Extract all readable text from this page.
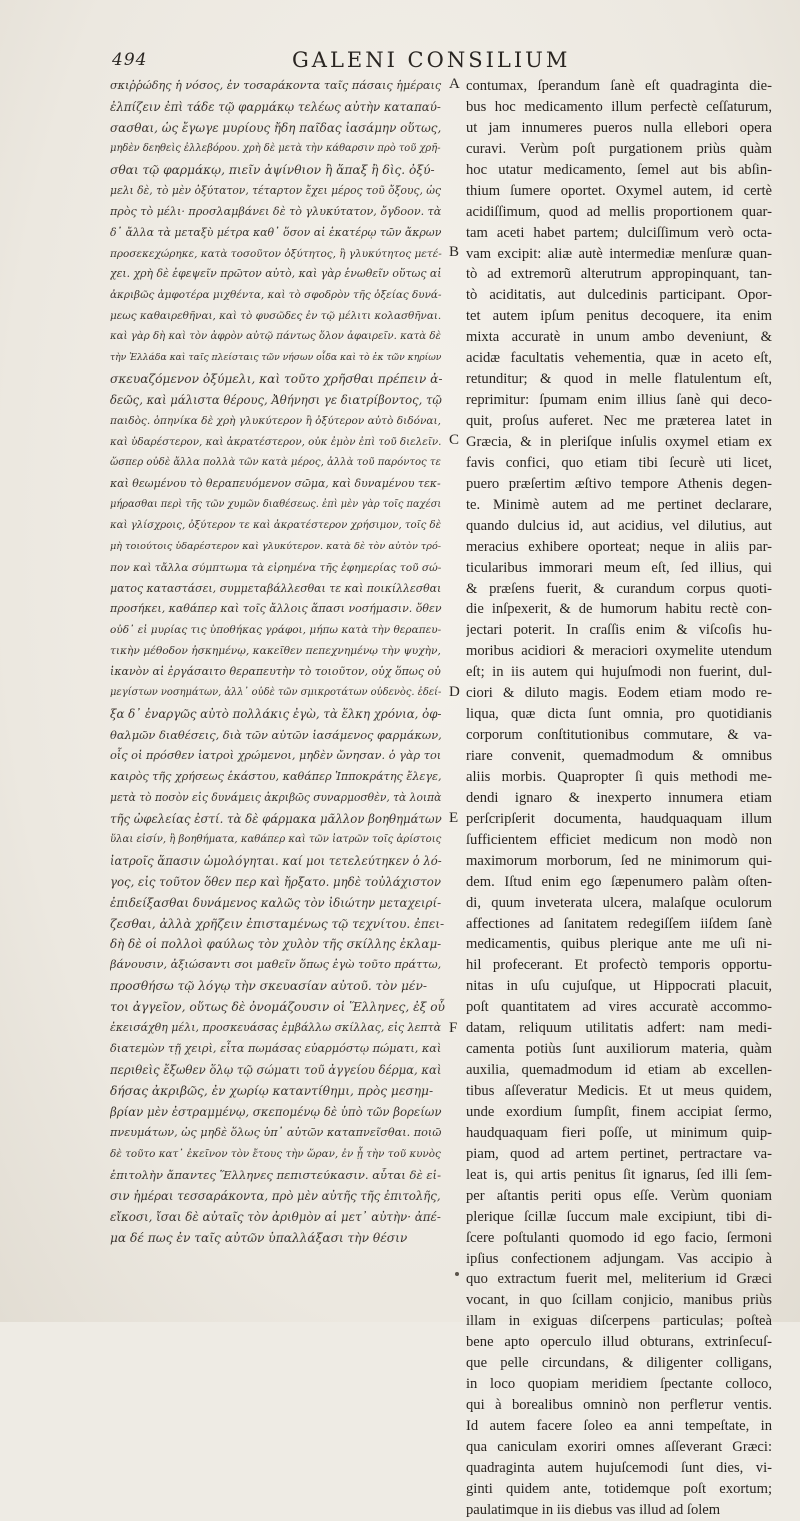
494	GALENI CONSILIUM
σκιῤῥώδης ἡ νόσος, ἐν τοσαράκοντα ταῖς πάσαις ἡμέραις
ἐλπίζειν ἐπὶ τάδε τῷ φαρμάκῳ τελέως αὐτὴν καταπαύ-
σασθαι, ὡς ἔγωγε μυρίους ἤδη παῖδας ἰασάμην οὕτως,
μηδὲν δεηθεὶς ἐλλεβόρου. χρὴ δὲ μετὰ τὴν κάθαρσιν πρὸ τοῦ χρῆ-
σθαι τῷ φαρμάκῳ, πιεῖν ἀψίνθιον ἢ ἅπαξ ἢ δὶς. ὀξύ-
μελι δὲ, τὸ μὲν ὀξύτατον, τέταρτον ἔχει μέρος τοῦ ὄξους, ὡς
πρὸς τὸ μέλι· προσλαμβάνει δὲ τὸ γλυκύτατον, ὄγδοον. τὰ
δ᾽ ἄλλα τὰ μεταξὺ μέτρα καθ᾽ ὅσον αἰ ἑκατέρῳ τῶν ἄκρων
προσεκεχώρηκε, κατὰ τοσοῦτον ὀξύτητος, ἢ γλυκύτητος μετέ-
χει. χρὴ δὲ ἐφεψεῖν πρῶτον αὐτὸ, καὶ γὰρ ἑνωθεῖν οὕτως αἰ
ἀκριβῶς ἀμφοτέρα μιχθέντα, καὶ τὸ σφοδρὸν τῆς ὀξείας δυνά-
μεως καθαιρεθῆναι, καὶ τὸ φυσῶδες ἐν τῷ μέλιτι κολασθῆναι.
καὶ γὰρ δὴ καὶ τὸν ἀφρὸν αὐτῷ πάντως ὅλον ἀφαιρεῖν. κατὰ δὲ
τὴν Ἑλλάδα καὶ ταῖς πλείσταις τῶν νήσων οἶδα καὶ τὸ ἐκ τῶν κηρίων
σκευαζόμενον ὀξύμελι, καὶ τοῦτο χρῆσθαι πρέπειν ἀ-
δεῶς, καὶ μάλιστα θέρους, Ἀθήνησι γε διατρίβοντος, τῷ
παιδὸς. ὁπηνίκα δὲ χρὴ γλυκύτερον ἢ ὀξύτερον αὐτὸ διδόναι,
καὶ ὑδαρέστερον, καὶ ἀκρατέστερον, οὐκ ἐμὸν ἐπὶ τοῦ διελεῖν.
ὥσπερ οὐδὲ ἄλλα πολλὰ τῶν κατὰ μέρος, ἀλλὰ τοῦ παρόντος τε
καὶ θεωμένου τὸ θεραπευόμενον σῶμα, καὶ δυναμένου τεκ-
μήρασθαι περὶ τῆς τῶν χυμῶν διαθέσεως. ἐπὶ μὲν γὰρ τοῖς παχέσι
καὶ γλίσχροις, ὀξύτερον τε καὶ ἀκρατέστερον χρήσιμον, τοῖς δὲ
μὴ τοιούτοις ὑδαρέστερον καὶ γλυκύτερον. κατὰ δὲ τὸν αὐτὸν τρό-
πον καὶ τἄλλα σύμπτωμα τὰ εἰρημένα τῆς ἐφημερίας τοῦ σώ-
ματος καταστάσει, συμμεταβάλλεσθαι τε καὶ ποικίλλεσθαι
προσήκει, καθάπερ καὶ τοῖς ἄλλοις ἅπασι νοσήμασιν. ὅθεν
οὐδ᾽ εἰ μυρίας τις ὑποθήκας γράφοι, μήπω κατὰ τὴν θεραπευ-
τικὴν μέθοδον ἠσκημένῳ, κακεῖθεν πεπεχνημένῳ τὴν ψυχὴν,
ἱκανὸν αἰ ἐργάσαιτο θεραπευτὴν τὸ τοιοῦτον, οὐχ ὅπως οὐ
μεγίστων νοσημάτων, ἀλλ᾽ οὐδὲ τῶν σμικροτάτων οὐδενὸς. ἐδεί-
ξα δ᾽ ἐναργῶς αὐτὸ πολλάκις ἐγὼ, τὰ ἕλκη χρόνια, ὀφ-
θαλμῶν διαθέσεις, διὰ τῶν αὐτῶν ἰασάμενος φαρμάκων,
οἷς οἱ πρόσθεν ἰατροὶ χρώμενοι, μηδὲν ὤνησαν. ὁ γὰρ τοι
καιρὸς τῆς χρήσεως ἑκάστου, καθάπερ Ἱπποκράτης ἔλεγε,
μετὰ τὸ ποσὸν εἰς δυνάμεις ἀκριβῶς συναρμοσθὲν, τὰ λοιπὰ
τῆς ὠφελείας ἐστί. τὰ δὲ φάρμακα μᾶλλον βοηθημάτων
ὕλαι εἰσίν, ἢ βοηθήματα, καθάπερ καὶ τῶν ἰατρῶν τοῖς ἀρίστοις
ἰατροῖς ἅπασιν ὡμολόγηται. καί μοι τετελεύτηκεν ὁ λό-
γος, εἰς τοῦτον ὅθεν περ καὶ ἤρξατο. μηδὲ τοὐλάχιστον
ἐπιδείξασθαι δυνάμενος καλῶς τὸν ἰδιώτην μεταχειρί-
ζεσθαι, ἀλλὰ χρῆζειν ἐπισταμένως τῷ τεχνίτου. ἐπει-
δὴ δὲ οἱ πολλοὶ φαύλως τὸν χυλὸν τῆς σκίλλης ἐκλαμ-
βάνουσιν, ἀξιώσαντι σοι μαθεῖν ὅπως ἐγὼ τοῦτο πράττω,
προσθήσω τῷ λόγῳ τὴν σκευασίαν αὐτοῦ. τὸν μέν-
τοι ἀγγεῖον, οὕτως δὲ ὀνομάζουσιν οἱ Ἕλληνες, ἐξ οὗ
ἐκεισάχθη μέλι, προσκευάσας ἐμβάλλω σκίλλας, εἰς λεπτὰ
διατεμὼν τῇ χειρὶ, εἶτα πωμάσας εὐαρμόστῳ πώματι, καὶ
περιθεὶς ἔξωθεν ὅλῳ τῷ σώματι τοῦ ἀγγείου δέρμα, καὶ
δήσας ἀκριβῶς, ἐν χωρίῳ καταντίθημι, πρὸς μεσημ-
βρίαν μὲν ἐστραμμένῳ, σκεπομένῳ δὲ ὑπὸ τῶν βορείων
πνευμάτων, ὡς μηδὲ ὅλως ὑπ᾽ αὐτῶν καταπνεῖσθαι. ποιῶ
δὲ τοῦτο κατ᾽ ἐκεῖνον τὸν ἔτους τὴν ὥραν, ἐν ᾗ τὴν τοῦ κυνὸς
ἐπιτολὴν ἄπαντες Ἕλληνες πεπιστεύκασιν. αὗται δὲ εἰ-
σιν ἡμέραι τεσσαράκοντα, πρὸ μὲν αὐτῆς τῆς ἐπιτολῆς,
εἴκοσι, ἴσαι δὲ αὐταῖς τὸν ἀριθμὸν αἱ μετ᾽ αὐτὴν· ἀπέ-
μα δέ πως ἐν ταῖς αὐτῶν ὑπαλλάξασι τὴν θέσιν
A
B
C
D
E
F
contumax, ſperandum ſanè eſt quadraginta die-
bus hoc medicamento illum perfectè ceſſaturum,
ut jam innumeres pueros nulla ellebori opera
curavi. Verùm poſt purgationem priùs quàm
hoc utatur medicamento, ſemel aut bis abſin-
thium ſumere oportet. Oxymel autem, id certè
acidiſſimum, quod ad mellis proportionem quar-
tam aceti habet partem; dulciſſimum verò octa-
vam excipit: aliæ autè intermediæ menſuræ quan-
tò ad extremorũ alterutrum appropinquant, tan-
tò aciditatis, aut dulcedinis participant. Opor-
tet autem ipſum penitus decoquere, ita enim
mixta accuratè in unum ambo deveniunt, &
acidæ facultatis vehementia, quæ in aceto eſt,
retunditur; & quod in melle flatulentum eſt,
reprimitur: ſpumam enim illius ſanè qui deco-
quit, proſus auferet. Nec me præterea latet in
Græcia, & in pleriſque inſulis oxymel etiam ex
favis confici, quo etiam tibi ſecurè uti licet,
puero præſertim æſtivo tempore Athenis degen-
te. Minimè autem ad me pertinet declarare,
quando dulcius id, aut acidius, vel dilutius, aut
meracius exhibere oporteat; neque in aliis par-
ticularibus immorari meum eſt, ſed illius, qui
& præſens fuerit, & curandum corpus quoti-
die inſpexerit, & de humorum habitu rectè con-
jectari poterit. In craſſis enim & viſcoſis hu-
moribus acidiori & meraciori oxymelite utendum
eſt; in iis autem qui hujuſmodi non fuerint, dul-
ciori & diluto magis. Eodem etiam modo re-
liqua, quæ dicta ſunt omnia, pro quotidianis
corporum conſtitutionibus commutare, & va-
riare convenit, quemadmodum & omnibus
aliis morbis. Quapropter ſi quis methodi me-
dendi ignaro & inexperto innumera etiam
perſcripſerit documenta, haudquaquam illum
ſufficientem efficiet medicum non modò non
maximorum morborum, ſed ne minimorum qui-
dem. Iſtud enim ego ſæpenumero palàm oſten-
di, quum inveterata ulcera, malaſque oculorum
affectiones ad ſanitatem redegiſſem iiſdem ſanè
medicamentis, quibus plerique ante me uſi ni-
hil profecerant. Et profectò temporis opportu-
nitas in uſu cujuſque, ut Hippocrati placuit,
poſt quantitatem ad vires accuratè accommo-
datam, reliquum utilitatis adfert: nam medi-
camenta potiùs ſunt auxiliorum materia, quàm
auxilia, quemadmodum id etiam ab excellen-
tibus aſſeveratur Medicis. Et ut meus quidem,
unde exordium ſumpſit, finem accipiat ſermo,
haudquaquam fieri poſſe, ut minimum quip-
piam, quod ad artem pertinet, pertractare va-
leat is, qui artis penitus ſit ignarus, ſed illi ſem-
per aſtantis periti opus eſſe. Verùm quoniam
plerique ſcillæ ſuccum male excipiunt, tibi di-
ſcere poſtulanti quomodo id ego facio, ſermoni
ipſius confectionem adjungam. Vas accipio à
quo extractum fuerit mel, meliterium id Græci
vocant, in quo ſcillam conjicio, manibus priùs
illam in exiguas diſcerpens particulas; poſteà
bene apto operculo illud obturans, extrinſecuſ-
que pelle circundans, & diligenter colligans,
in loco quopiam meridiem ſpectante colloco,
qui à borealibus omninò non perflетur ventis.
Id autem facere ſoleo ea anni tempeſtate, in
qua caniculam exoriri omnes aſſeverant Græci:
quadraginta autem hujuſcemodi ſunt dies, vi-
ginti quidem ante, totidemque poſt exortum;
paulatimque in iis diebus vas illud ad ſolem
